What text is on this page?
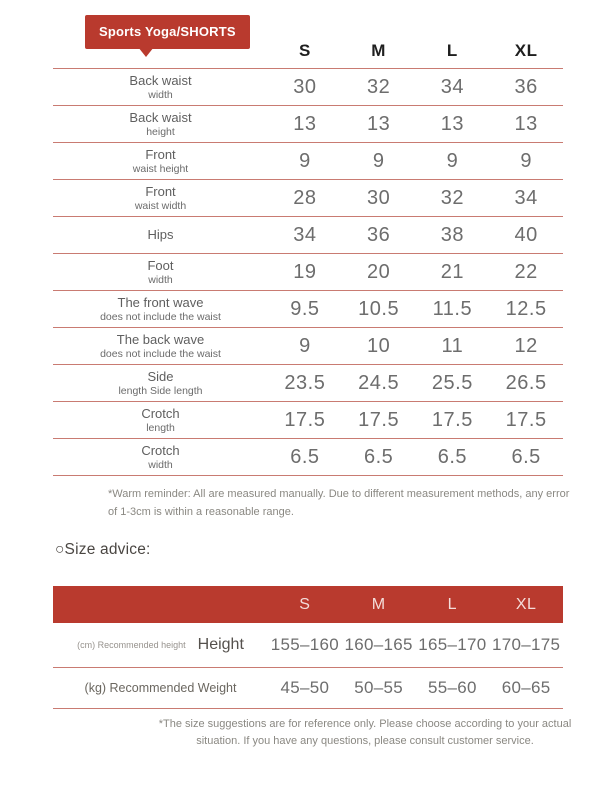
Sports Yoga/SHORTS
S	M	L	XL
Back waist
width	30	32	34	36
Back waist
height	13	13	13	13
Front
waist height	9	9	9	9
Front
waist width	28	30	32	34
Hips	34	36	38	40
Foot
width	19	20	21	22
The front wave
does not include the waist	9.5	10.5	11.5	12.5
The back wave
does not include the waist	9	10	11	12
Side
length Side length	23.5	24.5	25.5	26.5
Crotch
length	17.5	17.5	17.5	17.5
Crotch
width	6.5	6.5	6.5	6.5
*Warm reminder: All are measured manually. Due to different measurement methods, any error of 1-3cm is within a reasonable range.
○Size advice:
S	M	L	XL
(cm) Recommended height Height 155–160 160–165 165–170 170–175
(kg) Recommended Weight	45–50	50–55	55–60	60–65
*The size suggestions are for reference only. Please choose according to your actual situation. If you have any questions, please consult customer service.
